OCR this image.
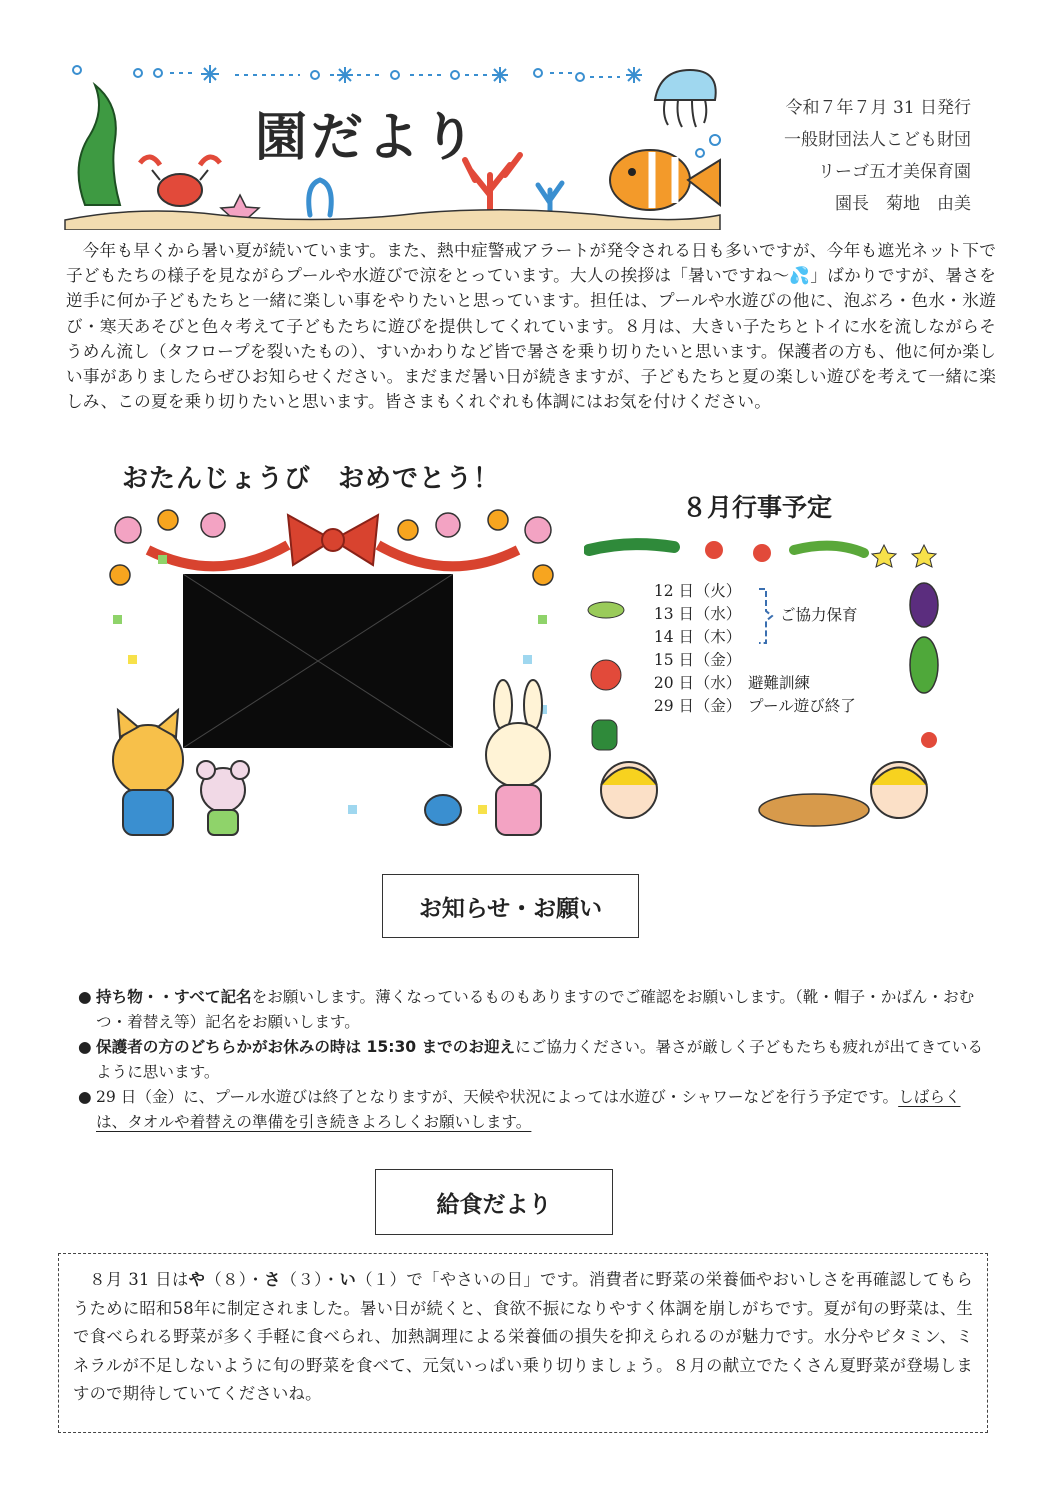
園だより	令和７年７月 31 日発行
一般財団法人こども財団
リーゴ五才美保育園
園長　菊地　由美
今年も早くから暑い夏が続いています。また、熱中症警戒アラートが発令される日も多いですが、今年も遮光ネット下で子どもたちの様子を見ながらプールや水遊びで涼をとっています。大人の挨拶は「暑いですね～💦」ばかりですが、暑さを逆手に何か子どもたちと一緒に楽しい事をやりたいと思っています。担任は、プールや水遊びの他に、泡ぶろ・色水・氷遊び・寒天あそびと色々考えて子どもたちに遊びを提供してくれています。８月は、大きい子たちとトイに水を流しながらそうめん流し（タフロープを裂いたもの）、すいかわりなど皆で暑さを乗り切りたいと思います。保護者の方も、他に何か楽しい事がありましたらぜひお知らせください。まだまだ暑い日が続きますが、子どもたちと夏の楽しい遊びを考えて一緒に楽しみ、この夏を乗り切りたいと思います。皆さまもくれぐれも体調にはお気を付けください。
おたんじょうび　おめでとう！
８月行事予定
12 日 （火）
13 日 （水）
14 日 （木）
15 日 （金）
20 日 （水） 避難訓練
29 日 （金） プール遊び終了
ご協力保育
お知らせ・お願い
● 持ち物・・すべて記名をお願いします。薄くなっているものもありますのでご確認をお願いします。（靴・帽子・かばん・おむつ・着替え等）記名をお願いします。
● 保護者の方のどちらかがお休みの時は 15:30 までのお迎えにご協力ください。暑さが厳しく子どもたちも疲れが出てきているように思います。
● 29 日（金）に、プール水遊びは終了となりますが、天候や状況によっては水遊び・シャワーなどを行う予定です。しばらくは、タオルや着替えの準備を引き続きよろしくお願いします。
給食だより
８月 31 日はや（８）・さ（３）・い（１）で「やさいの日」です。消費者に野菜の栄養価やおいしさを再確認してもらうために昭和58年に制定されました。暑い日が続くと、食欲不振になりやすく体調を崩しがちです。夏が旬の野菜は、生で食べられる野菜が多く手軽に食べられ、加熱調理による栄養価の損失を抑えられるのが魅力です。水分やビタミン、ミネラルが不足しないように旬の野菜を食べて、元気いっぱい乗り切りましょう。８月の献立でたくさん夏野菜が登場しますので期待していてくださいね。
